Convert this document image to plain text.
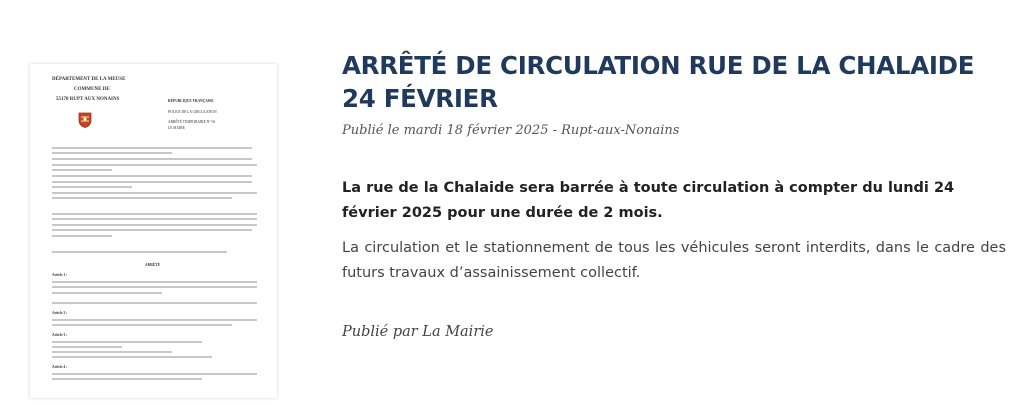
DÉPARTEMENT DE LA MEUSE
COMMUNE DE
55170 RUPT AUX NONAINS	RÉPUBLIQUE FRANÇAISE
POLICE DE LA CIRCULATION
ARRÊTÉ TEMPORAIRE N° 03
LE MAIRE
ARRÊTÉ
Article 1 :
Article 2 :
Article 3 :
Article 4 :
ARRÊTÉ DE CIRCULATION RUE DE LA CHALAIDE 24 FÉVRIER
Publié le mardi 18 février 2025 - Rupt-aux-Nonains
La rue de la Chalaide sera barrée à toute circulation à compter du lundi 24 février 2025 pour une durée de 2 mois.
La circulation et le stationnement de tous les véhicules seront interdits, dans le cadre des futurs travaux d’assainissement collectif.
Publié par La Mairie
